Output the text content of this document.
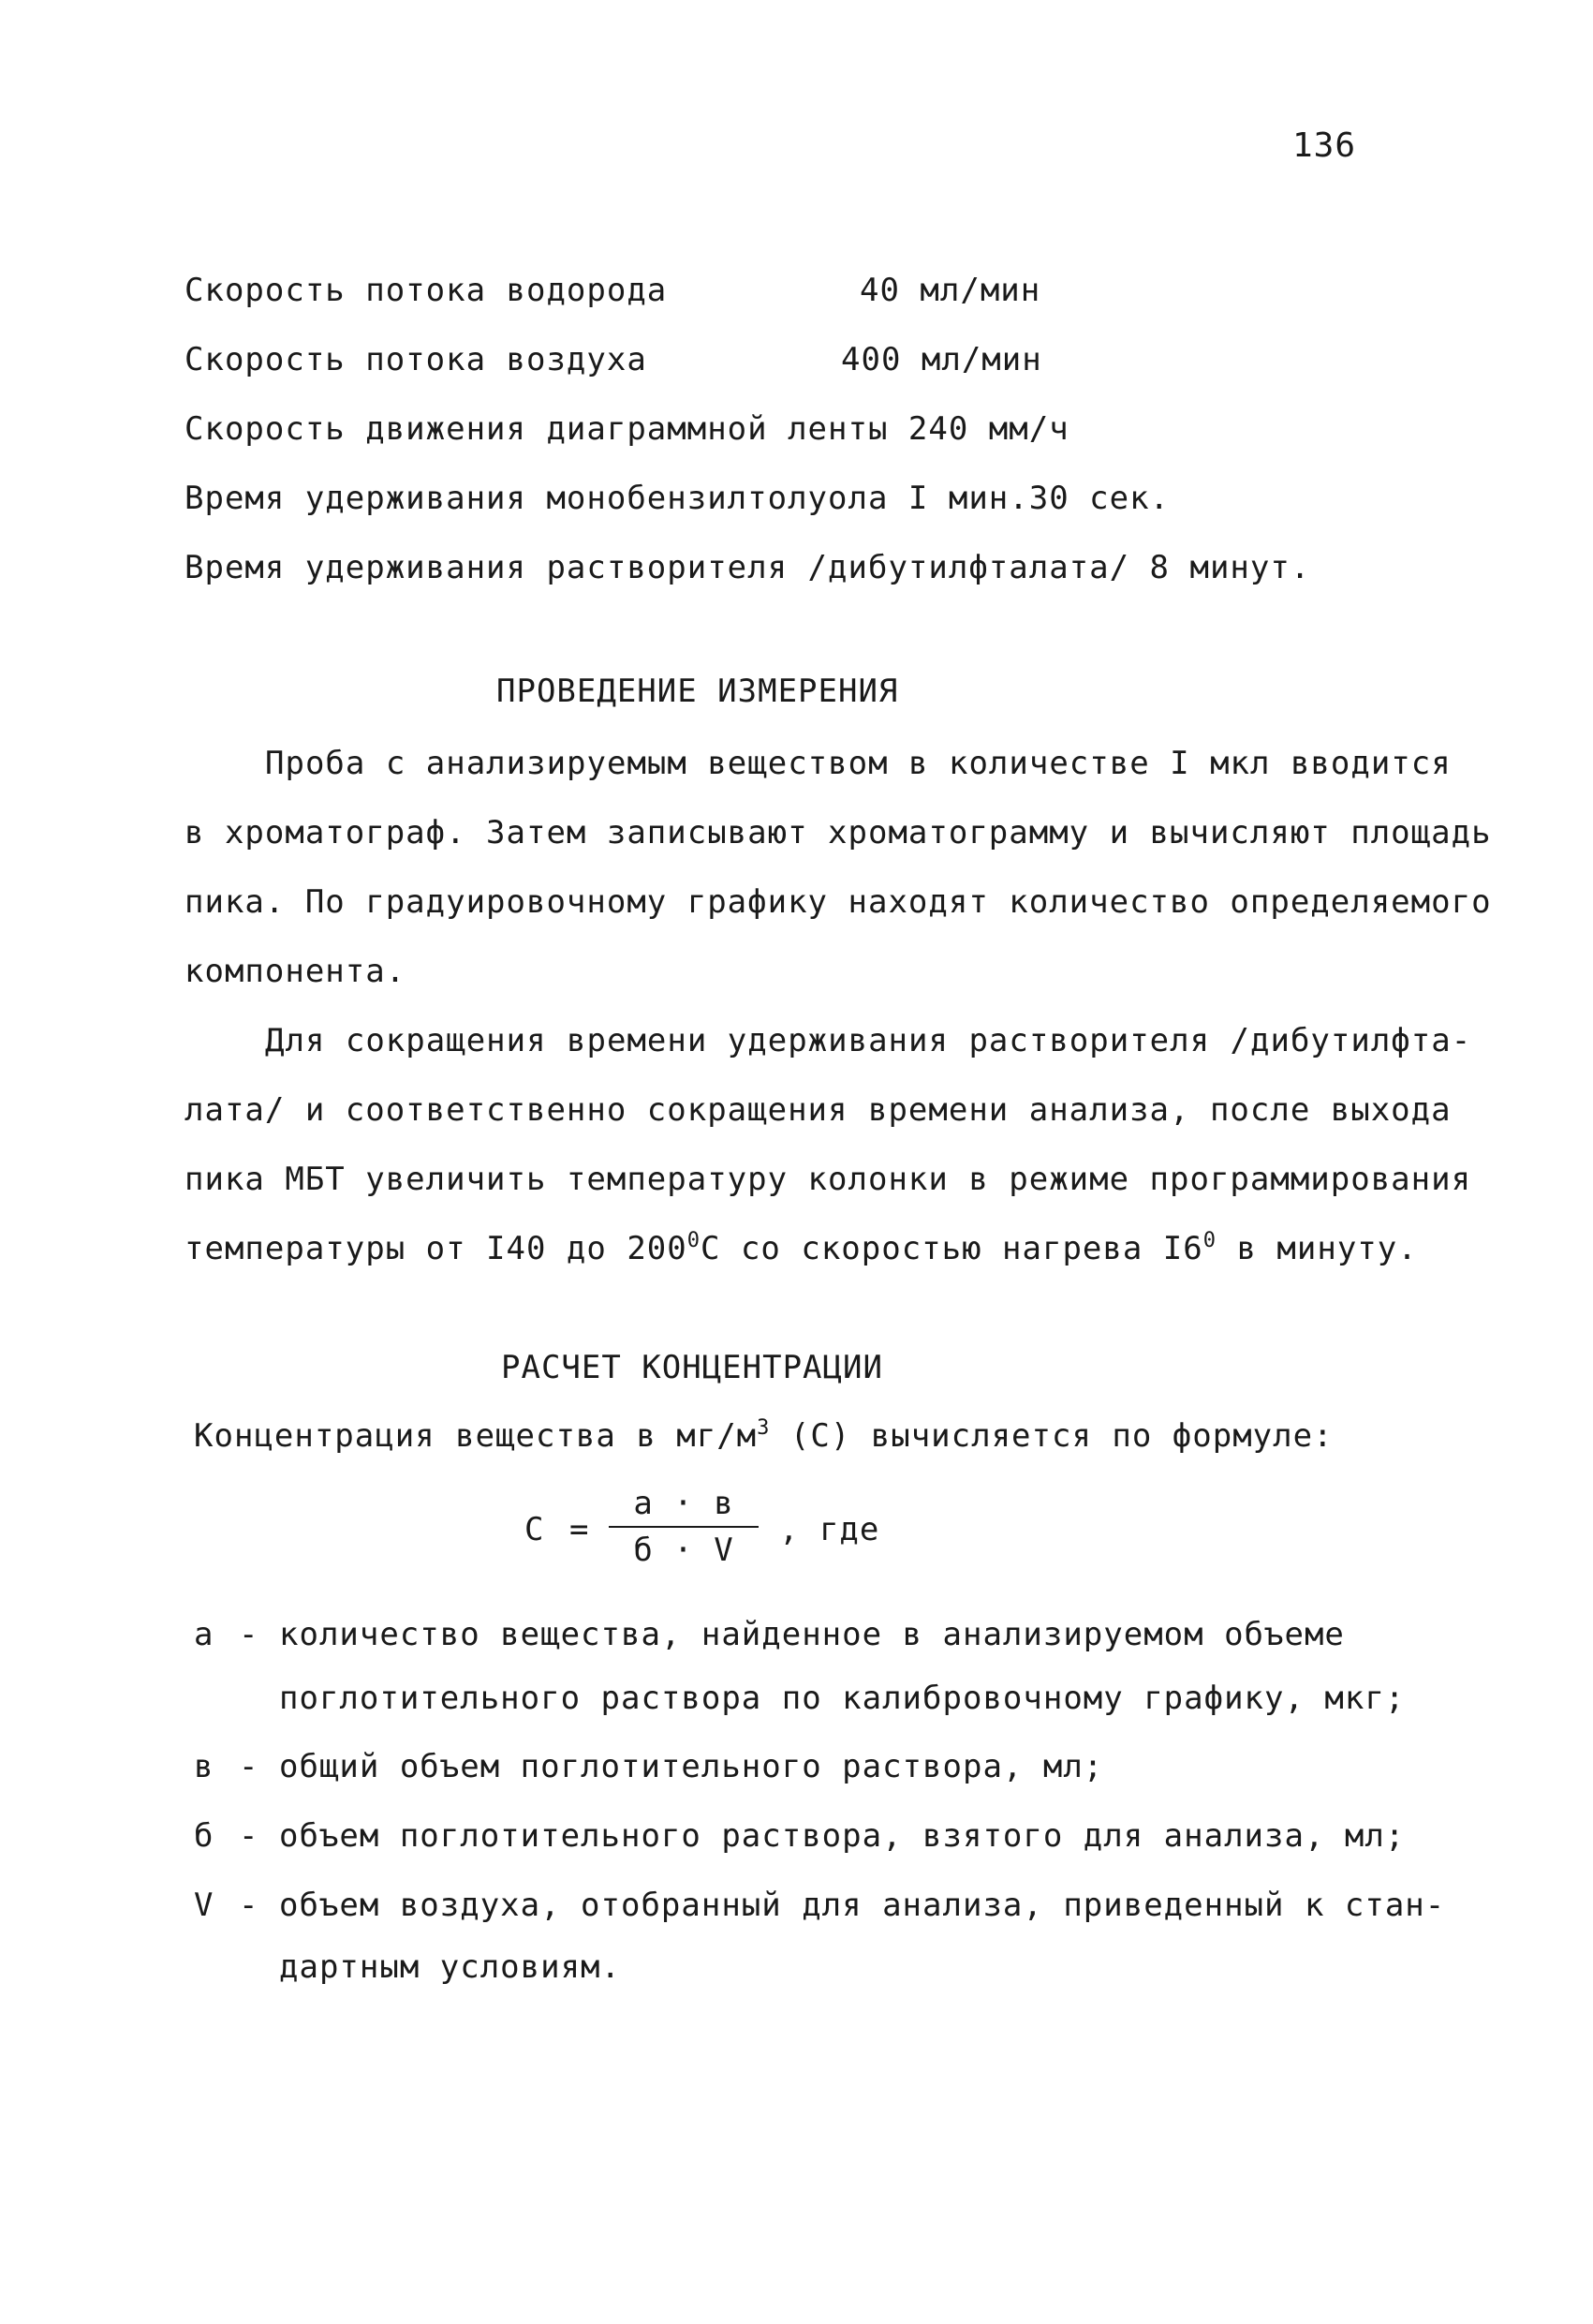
136
Скорость потока водорода	40 мл/мин
Скорость потока воздуха	400 мл/мин
Скорость движения диаграммной ленты 240 мм/ч
Время удерживания монобензилтолуола I мин.30 сек.
Время удерживания растворителя /дибутилфталата/ 8 минут.
ПРОВЕДЕНИЕ ИЗМЕРЕНИЯ
Проба с анализируемым веществом в количестве I мкл вводится
в хроматограф. Затем записывают хроматограмму и вычисляют площадь
пика. По градуировочному графику находят количество определяемого
компонента.
Для сокращения времени удерживания растворителя /дибутилфта-
лата/ и соответственно сокращения времени анализа, после выхода
пика МБТ увеличить температуру колонки в режиме программирования
температуры от I40 до $200^0С$ со скоростью нагрева $I6^0$ в минуту.
РАСЧЕТ КОНЦЕНТРАЦИИ
Концентрация вещества в $мг/м^3$ (С) вычисляется по формуле:
С =
а · в
б · V
, где
а - количество вещества, найденное в анализируемом объеме
поглотительного раствора по калибровочному графику, мкг;
в - общий объем поглотительного раствора, мл;
б - объем поглотительного раствора, взятого для анализа, мл;
V - объем воздуха, отобранный для анализа, приведенный к стан-
дартным условиям.
